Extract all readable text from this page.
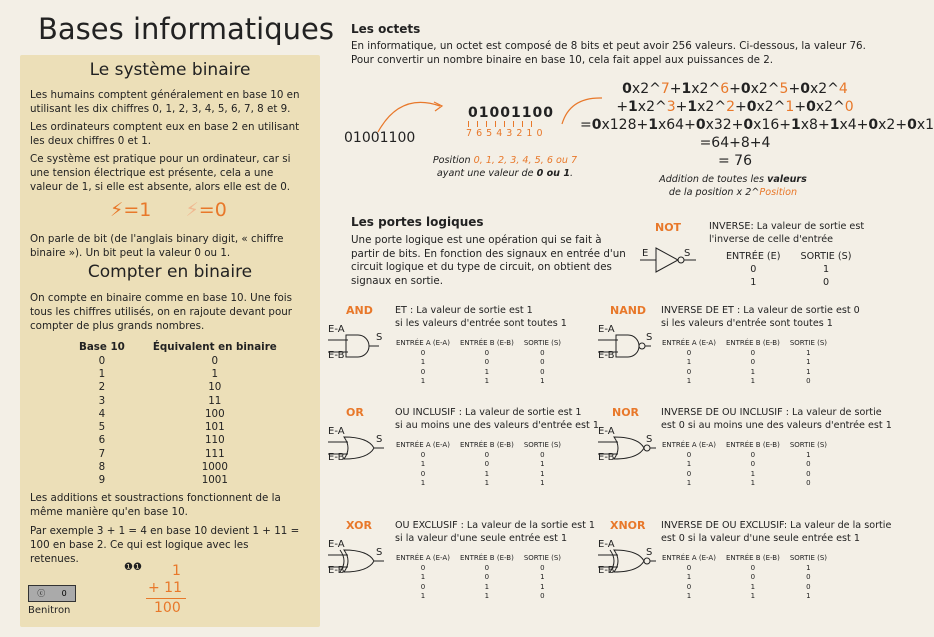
Bases informatiques
Le système binaire
Les humains comptent généralement en base 10 en utilisant les dix chiffres 0, 1, 2, 3, 4, 5, 6, 7, 8 et 9.
Les ordinateurs comptent eux en base 2 en utilisant les deux chiffres 0 et 1.
Ce système est pratique pour un ordinateur, car si une tension électrique est présente, cela a une valeur de 1, si elle est absente, alors elle est de 0.
⚡=1 ⚡=0
On parle de bit (de l'anglais binary digit, « chiffre binaire »). Un bit peut la valeur 0 ou 1.
Compter en binaire
On compte en binaire comme en base 10. Une fois tous les chiffres utilisés, on en rajoute devant pour compter de plus grands nombres.
Base 10	Équivalent en binaire
0	0
1	1
2	10
3	11
4	100
5	101
6	110
7	111
8	1000
9	1001
Les additions et soustractions fonctionnent de la même manière qu'en base 10.
Par exemple 3 + 1 = 4 en base 10 devient 1 + 11 = 100 en base 2. Ce qui est logique avec les retenues.
❶❶ 1
+ 11
100
ⓒ 0
Benitron
Les octets
En informatique, un octet est composé de 8 bits et peut avoir 256 valeurs. Ci-dessous, la valeur 76.
Pour convertir un nombre binaire en base 10, cela fait appel aux puissances de 2.
01001100
01001100
7 6 5 4 3 2 1 0
Position 0, 1, 2, 3, 4, 5, 6 ou 7
ayant une valeur de 0 ou 1.
0x2^7+1x2^6+0x2^5+0x2^4
+1x2^3+1x2^2+0x2^1+0x2^0
=0x128+1x64+0x32+0x16+1x8+1x4+0x2+0x1
=64+8+4
= 76
Addition de toutes les valeurs
de la position x 2^Position
Les portes logiques
Une porte logique est une opération qui se fait à partir de bits. En fonction des signaux en entrée d'un circuit logique et du type de circuit, on obtient des signaux en sortie.
NOT
E	S
INVERSE: La valeur de sortie est
l'inverse de celle d'entrée
ENTRÉE (E)	SORTIE (S)
0	1
1	0
AND
E-A
E-B
S
ET : La valeur de sortie est 1
si les valeurs d'entrée sont toutes 1
ENTRÉE A (E-A)	ENTRÉE B (E-B)	SORTIE (S)
0	0	0
1	0	0
0	1	0
1	1	1
NAND
E-A
E-B
S
INVERSE DE ET : La valeur de sortie est 0
si les valeurs d'entrée sont toutes 1
ENTRÉE A (E-A)	ENTRÉE B (E-B)	SORTIE (S)
0	0	1
1	0	1
0	1	1
1	1	0
OR
E-A
E-B
S
OU INCLUSIF : La valeur de sortie est 1
si au moins une des valeurs d'entrée est 1
ENTRÉE A (E-A)	ENTRÉE B (E-B)	SORTIE (S)
0	0	0
1	0	1
0	1	1
1	1	1
NOR
E-A
E-B
S
INVERSE DE OU INCLUSIF : La valeur de sortie
est 0 si au moins une des valeurs d'entrée est 1
ENTRÉE A (E-A)	ENTRÉE B (E-B)	SORTIE (S)
0	0	1
1	0	0
0	1	0
1	1	0
XOR
E-A
E-B
S
OU EXCLUSIF : La valeur de la sortie est 1
si la valeur d'une seule entrée est 1
ENTRÉE A (E-A)	ENTRÉE B (E-B)	SORTIE (S)
0	0	0
1	0	1
0	1	1
1	1	0
XNOR
E-A
E-B
S
INVERSE DE OU EXCLUSIF: La valeur de la sortie
est 0 si la valeur d'une seule entrée est 1
ENTRÉE A (E-A)	ENTRÉE B (E-B)	SORTIE (S)
0	0	1
1	0	0
0	1	0
1	1	1
